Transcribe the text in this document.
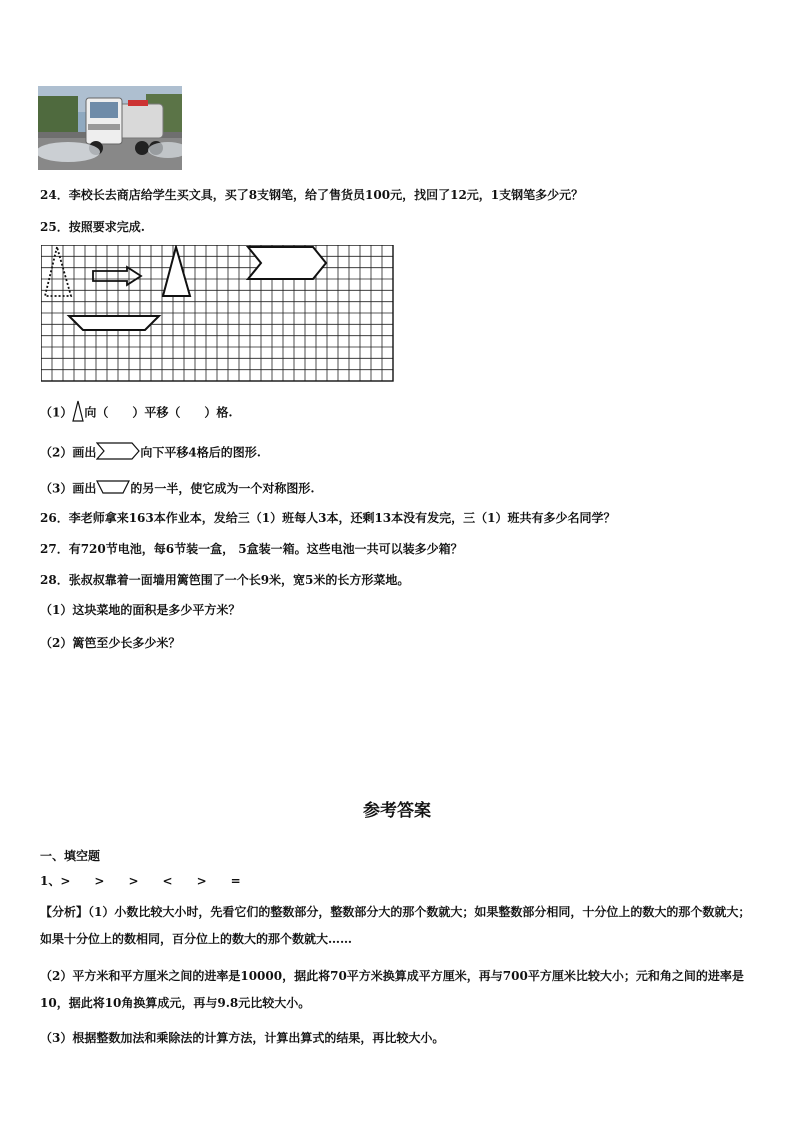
24．李校长去商店给学生买文具，买了8支钢笔，给了售货员100元，找回了12元，1支钢笔多少元？
25．按照要求完成.
（1） 向（　　）平移（　　）格.
（2）画出	向下平移4格后的图形.
（3）画出	的另一半，使它成为一个对称图形.
26．李老师拿来163本作业本，发给三（1）班每人3本，还剩13本没有发完，三（1）班共有多少名同学？
27．有720节电池，每6节装一盒， 5盒装一箱。这些电池一共可以装多少箱？
28．张叔叔靠着一面墙用篱笆围了一个长9米，宽5米的长方形菜地。
（1）这块菜地的面积是多少平方米？
（2）篱笆至少长多少米？
参考答案
一、填空题
1、>　　>　　>　　<　　>　　=
【分析】（1）小数比较大小时，先看它们的整数部分，整数部分大的那个数就大；如果整数部分相同，十分位上的数大的那个数就大；如果十分位上的数相同，百分位上的数大的那个数就大……
（2）平方米和平方厘米之间的进率是10000，据此将70平方米换算成平方厘米，再与700平方厘米比较大小；元和角之间的进率是10，据此将10角换算成元，再与9.8元比较大小。
（3）根据整数加法和乘除法的计算方法，计算出算式的结果，再比较大小。
